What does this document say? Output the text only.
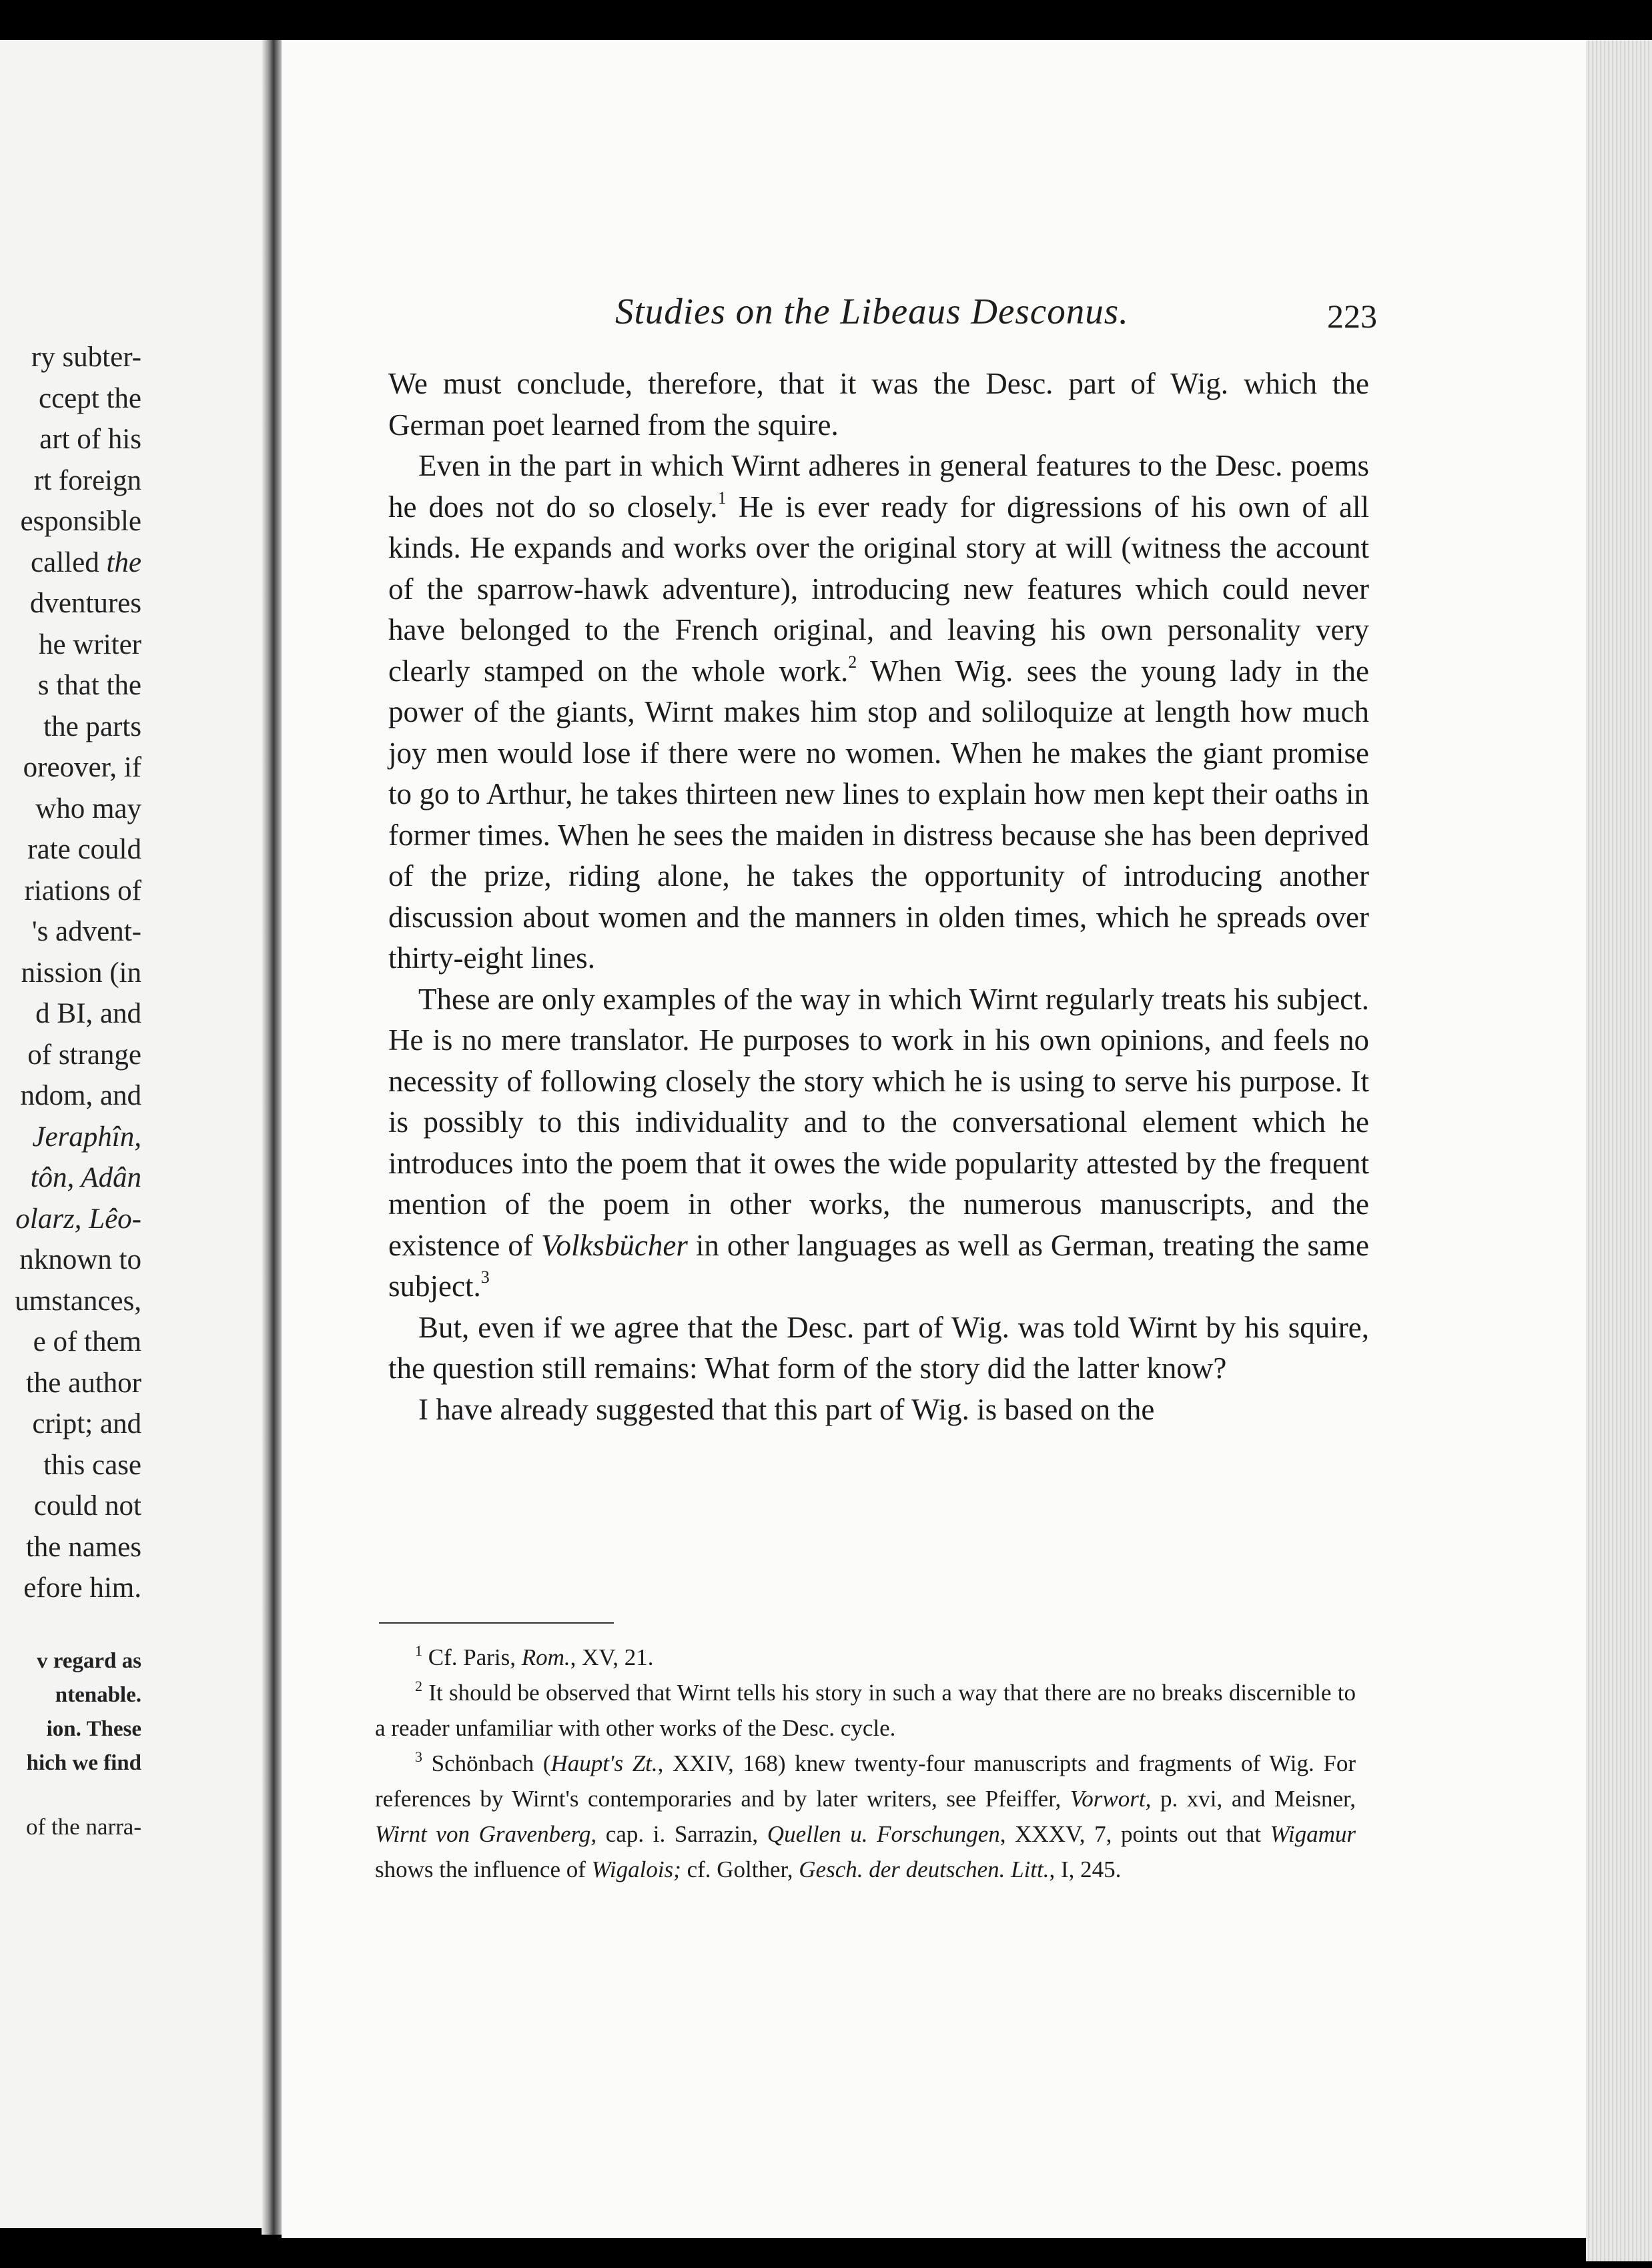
ry subter-
ccept the
art of his
rt foreign
esponsible
called the
dventures
he writer
s that the
the parts
oreover, if
who may
rate could
riations of
's advent-
nission (in
d BI, and
of strange
ndom, and
Jeraphîn,
tôn, Adân
olarz, Lêo-
nknown to
umstances,
e of them
the author
cript; and
this case
could not
the names
efore him.
v regard as
ntenable.
ion. These
hich we find
of the narra-
Studies on the Libeaus Desconus.	223

We must conclude, therefore, that it was the Desc. part of Wig. which the German poet learned from the squire.

Even in the part in which Wirnt adheres in general features to the Desc. poems he does not do so closely.$^1$ He is ever ready for digressions of his own of all kinds. He expands and works over the original story at will (witness the account of the sparrow-hawk adventure), introducing new features which could never have belonged to the French original, and leaving his own personality very clearly stamped on the whole work.$^2$ When Wig. sees the young lady in the power of the giants, Wirnt makes him stop and soliloquize at length how much joy men would lose if there were no women. When he makes the giant promise to go to Arthur, he takes thirteen new lines to explain how men kept their oaths in former times. When he sees the maiden in distress because she has been deprived of the prize, riding alone, he takes the opportunity of introducing another discussion about women and the manners in olden times, which he spreads over thirty-eight lines.

These are only examples of the way in which Wirnt regularly treats his subject. He is no mere translator. He purposes to work in his own opinions, and feels no necessity of following closely the story which he is using to serve his purpose. It is possibly to this individuality and to the conversational element which he introduces into the poem that it owes the wide popularity attested by the frequent mention of the poem in other works, the numerous manuscripts, and the existence of Volksbücher in other languages as well as German, treating the same subject.$^3$

But, even if we agree that the Desc. part of Wig. was told Wirnt by his squire, the question still remains: What form of the story did the latter know?

I have already suggested that this part of Wig. is based on the

$^1$ Cf. Paris, Rom., XV, 21.

$^2$ It should be observed that Wirnt tells his story in such a way that there are no breaks discernible to a reader unfamiliar with other works of the Desc. cycle.

$^3$ Schönbach (Haupt's Zt., XXIV, 168) knew twenty-four manuscripts and fragments of Wig. For references by Wirnt's contemporaries and by later writers, see Pfeiffer, Vorwort, p. xvi, and Meisner, Wirnt von Gravenberg, cap. i. Sarrazin, Quellen u. Forschungen, XXXV, 7, points out that Wigamur shows the influence of Wigalois; cf. Golther, Gesch. der deutschen. Litt., I, 245.
